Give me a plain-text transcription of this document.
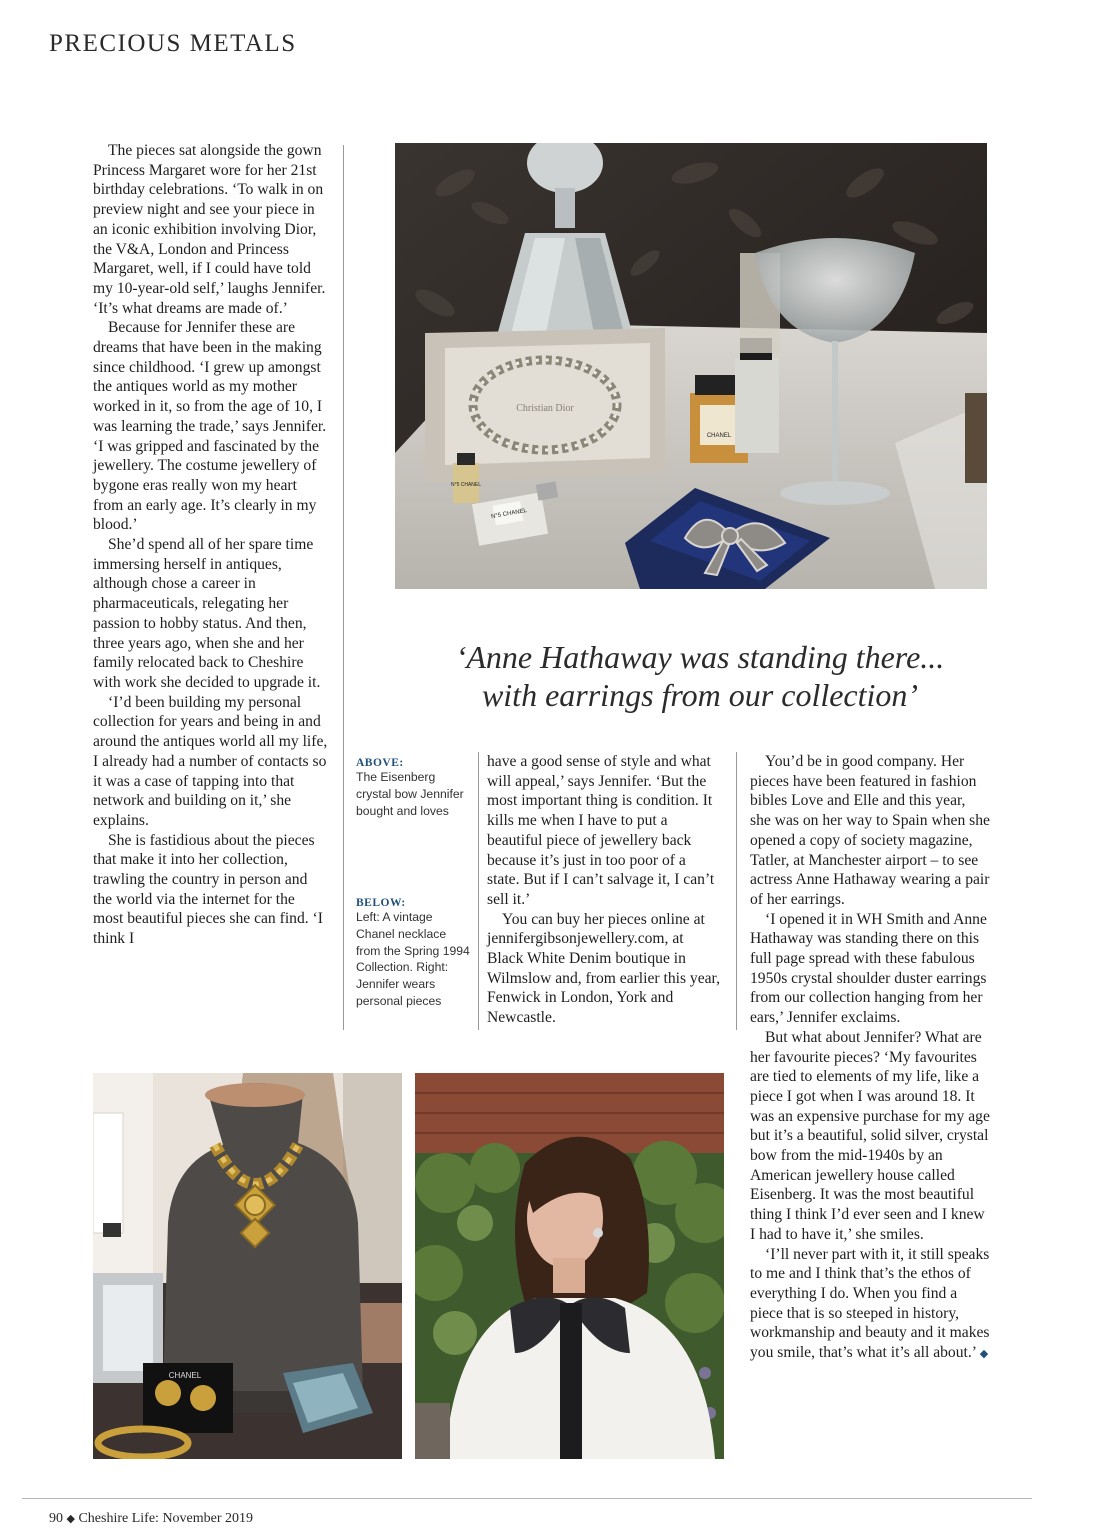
PRECIOUS METALS

The pieces sat alongside the gown Princess Margaret wore for her 21st birthday celebrations. ‘To walk in on preview night and see your piece in an iconic exhibition involving Dior, the V&A, London and Princess Margaret, well, if I could have told my 10-year-old self,’ laughs Jennifer. ‘It’s what dreams are made of.’

Because for Jennifer these are dreams that have been in the making since childhood. ‘I grew up amongst the antiques world as my mother worked in it, so from the age of 10, I was learning the trade,’ says Jennifer. ‘I was gripped and fascinated by the jewellery. The costume jewellery of bygone eras really won my heart from an early age. It’s clearly in my blood.’

She’d spend all of her spare time immersing herself in antiques, although chose a career in pharmaceuticals, relegating her passion to hobby status. And then, three years ago, when she and her family relocated back to Cheshire with work she decided to upgrade it.

‘I’d been building my personal collection for years and being in and around the antiques world all my life, I already had a number of contacts so it was a case of tapping into that network and building on it,’ she explains.

She is fastidious about the pieces that make it into her collection, trawling the country in person and the world via the internet for the most beautiful pieces she can find. ‘I think I

Christian Dior
N°5 CHANEL
N°5 CHANEL
CHANEL
‘Anne Hathaway was standing there...
with earrings from our collection’
ABOVE:
The Eisenberg crystal bow Jennifer bought and loves
BELOW:
Left: A vintage Chanel necklace from the Spring 1994 Collection. Right: Jennifer wears personal pieces

have a good sense of style and what will appeal,’ says Jennifer. ‘But the most important thing is condition. It kills me when I have to put a beautiful piece of jewellery back because it’s just in too poor of a state. But if I can’t salvage it, I can’t sell it.’

You can buy her pieces online at jennifergibsonjewellery.com, at Black White Denim boutique in Wilmslow and, from earlier this year, Fenwick in London, York and Newcastle.

You’d be in good company. Her pieces have been featured in fashion bibles Love and Elle and this year, she was on her way to Spain when she opened a copy of society magazine, Tatler, at Manchester airport – to see actress Anne Hathaway wearing a pair of her earrings.

‘I opened it in WH Smith and Anne Hathaway was standing there on this full page spread with these fabulous 1950s crystal shoulder duster earrings from our collection hanging from her ears,’ Jennifer exclaims.

But what about Jennifer? What are her favourite pieces? ‘My favourites are tied to elements of my life, like a piece I got when I was around 18. It was an expensive purchase for my age but it’s a beautiful, solid silver, crystal bow from the mid-1940s by an American jewellery house called Eisenberg. It was the most beautiful thing I think I’d ever seen and I knew I had to have it,’ she smiles.

‘I’ll never part with it, it still speaks to me and I think that’s the ethos of everything I do. When you find a piece that is so steeped in history, workmanship and beauty and it makes you smile, that’s what it’s all about.’ ◆

CHANEL
90 ◆ Cheshire Life: November 2019
